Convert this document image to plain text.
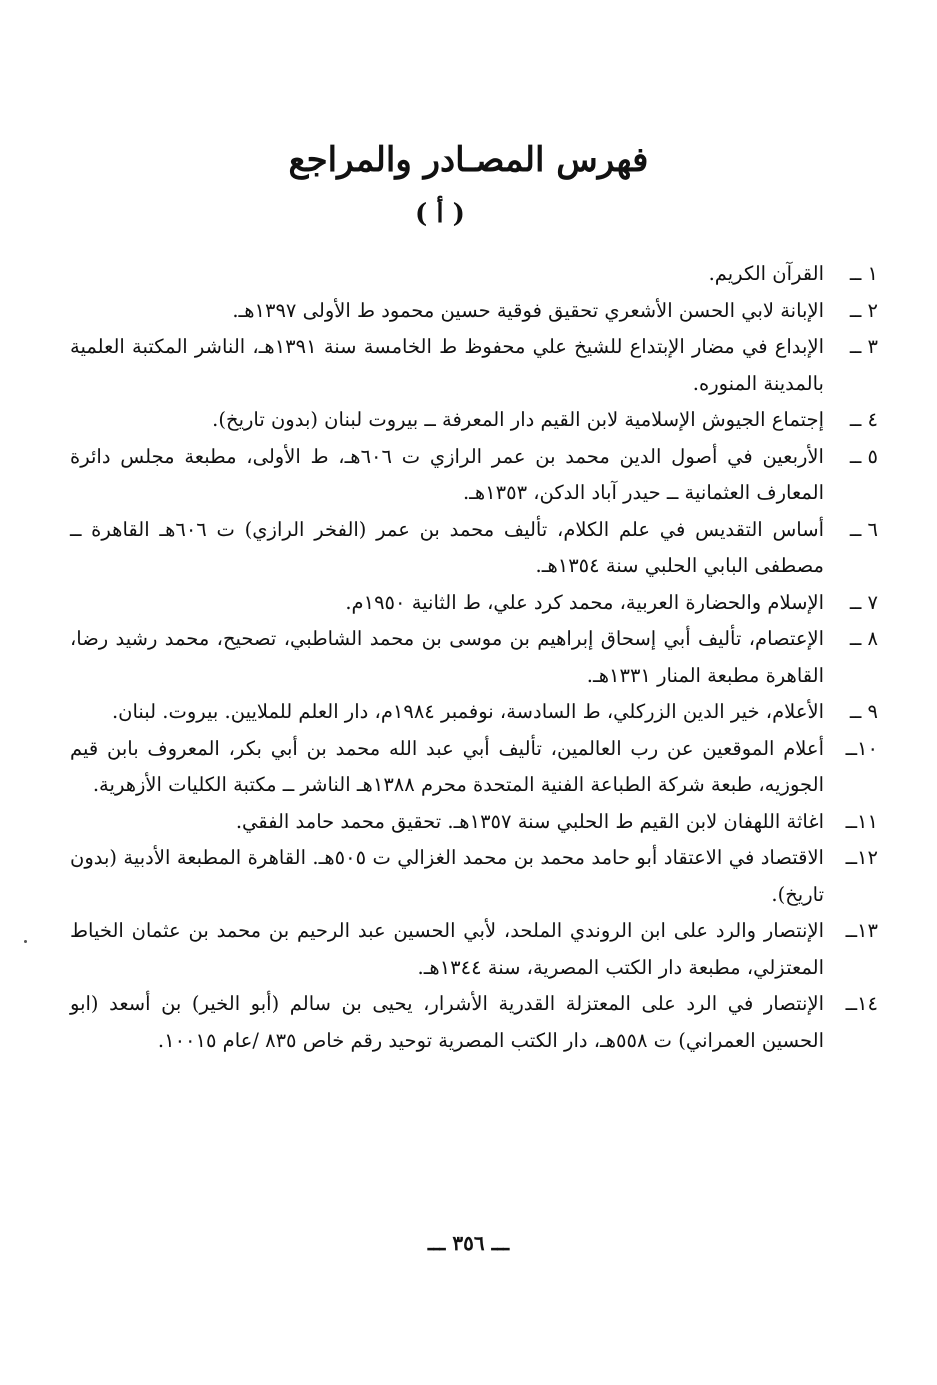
فهرس المصـادر والمراجع
( أ )
١ ــ
القرآن الكريم.
٢ ــ
الإبانة لابي الحسن الأشعري تحقيق فوقية حسين محمود ط الأولى ١٣٩٧هـ.
٣ ــ
الإبداع في مضار الإبتداع للشيخ علي محفوظ ط الخامسة سنة ١٣٩١هـ، الناشر المكتبة العلمية بالمدينة المنوره.
٤ ــ
إجتماع الجيوش الإسلامية لابن القيم دار المعرفة ــ بيروت لبنان (بدون تاريخ).
٥ ــ
الأربعين في أصول الدين محمد بن عمر الرازي ت ٦٠٦هـ، ط الأولى، مطبعة مجلس دائرة المعارف العثمانية ــ حيدر آباد الدكن، ١٣٥٣هـ.
٦ ــ
أساس التقديس في علم الكلام، تأليف محمد بن عمر (الفخر الرازي) ت ٦٠٦هـ القاهرة ــ مصطفى البابي الحلبي سنة ١٣٥٤هـ.
٧ ــ
الإسلام والحضارة العربية، محمد كرد علي، ط الثانية ١٩٥٠م.
٨ ــ
الإعتصام، تأليف أبي إسحاق إبراهيم بن موسى بن محمد الشاطبي، تصحيح، محمد رشيد رضا، القاهرة مطبعة المنار ١٣٣١هـ.
٩ ــ
الأعلام، خير الدين الزركلي، ط السادسة، نوفمبر ١٩٨٤م، دار العلم للملايين. بيروت. لبنان.
١٠ــ
أعلام الموقعين عن رب العالمين، تأليف أبي عبد الله محمد بن أبي بكر، المعروف بابن قيم الجوزيه، طبعة شركة الطباعة الفنية المتحدة محرم ١٣٨٨هـ الناشر ــ مكتبة الكليات الأزهرية.
١١ــ
اغاثة اللهفان لابن القيم ط الحلبي سنة ١٣٥٧هـ. تحقيق محمد حامد الفقي.
١٢ــ
الاقتصاد في الاعتقاد أبو حامد محمد بن محمد الغزالي ت ٥٠٥هـ. القاهرة المطبعة الأدبية (بدون تاريخ).
١٣ــ
الإنتصار والرد على ابن الروندي الملحد، لأبي الحسين عبد الرحيم بن محمد بن عثمان الخياط المعتزلي، مطبعة دار الكتب المصرية، سنة ١٣٤٤هـ.
١٤ــ
الإنتصار في الرد على المعتزلة القدرية الأشرار، يحيى بن سالم (أبو الخير) بن أسعد (ابو الحسين العمراني) ت ٥٥٨هـ، دار الكتب المصرية توحيد رقم خاص ٨٣٥ /عام ١٠٠١٥.
ـــ ٣٥٦ ـــ
